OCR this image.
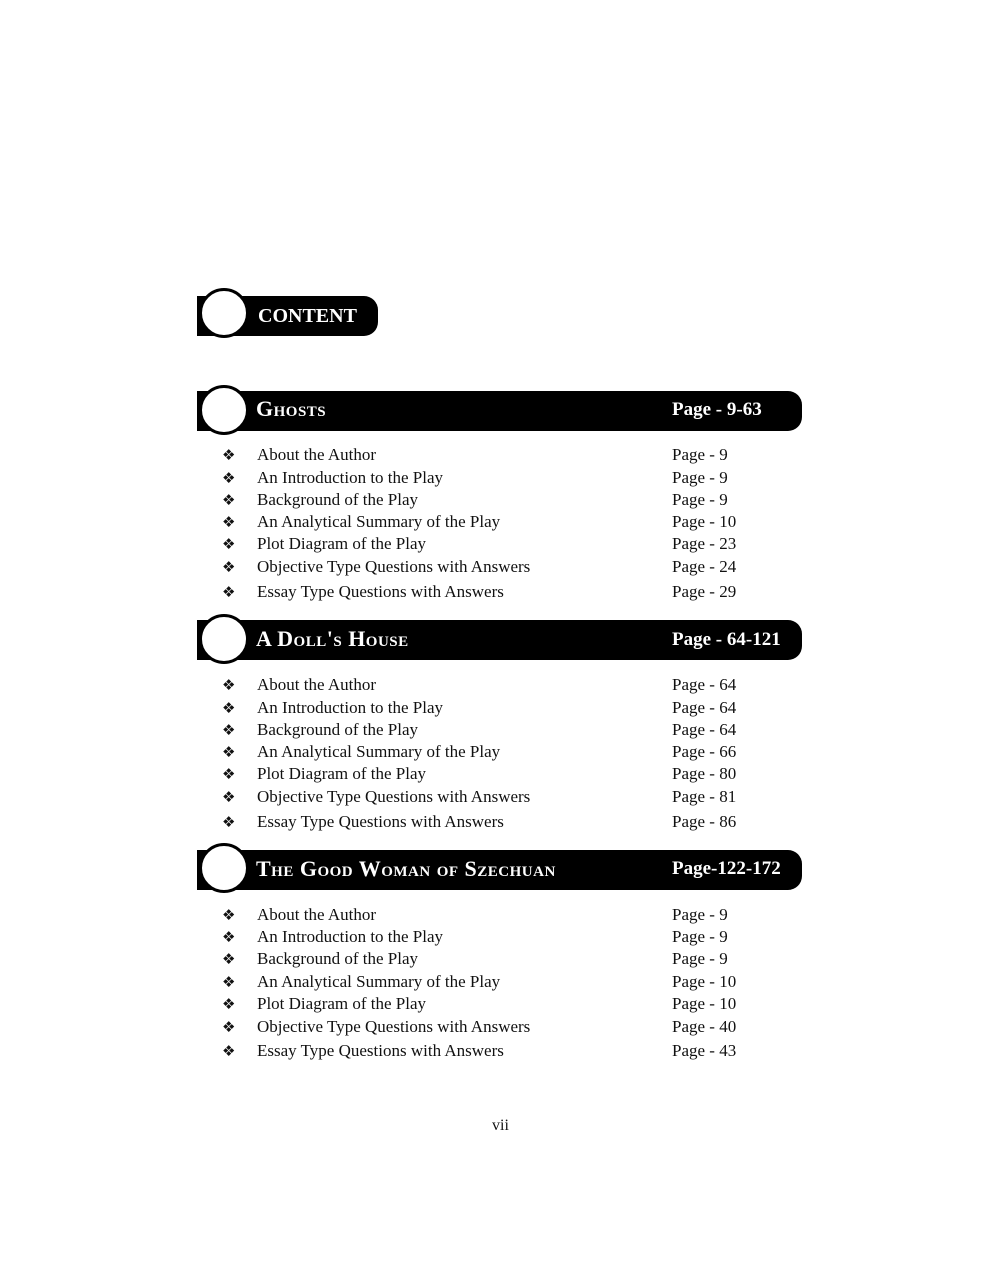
CONTENT
Ghosts	Page - 9-63
❖ About the Author	Page - 9
❖ An Introduction to the Play	Page - 9
❖ Background of the Play	Page - 9
❖ An Analytical Summary of the Play	Page - 10
❖ Plot Diagram of the Play	Page - 23
❖ Objective Type Questions with Answers	Page - 24
❖ Essay Type Questions with Answers	Page - 29
A Doll's House	Page - 64-121
❖ About the Author	Page - 64
❖ An Introduction to the Play	Page - 64
❖ Background of the Play	Page - 64
❖ An Analytical Summary of the Play	Page - 66
❖ Plot Diagram of the Play	Page - 80
❖ Objective Type Questions with Answers	Page - 81
❖ Essay Type Questions with Answers	Page - 86
The Good Woman of Szechuan	Page-122-172
❖ About the Author	Page - 9
❖ An Introduction to the Play	Page - 9
❖ Background of the Play	Page - 9
❖ An Analytical Summary of the Play	Page - 10
❖ Plot Diagram of the Play	Page - 10
❖ Objective Type Questions with Answers	Page - 40
❖ Essay Type Questions with Answers	Page - 43
vii
